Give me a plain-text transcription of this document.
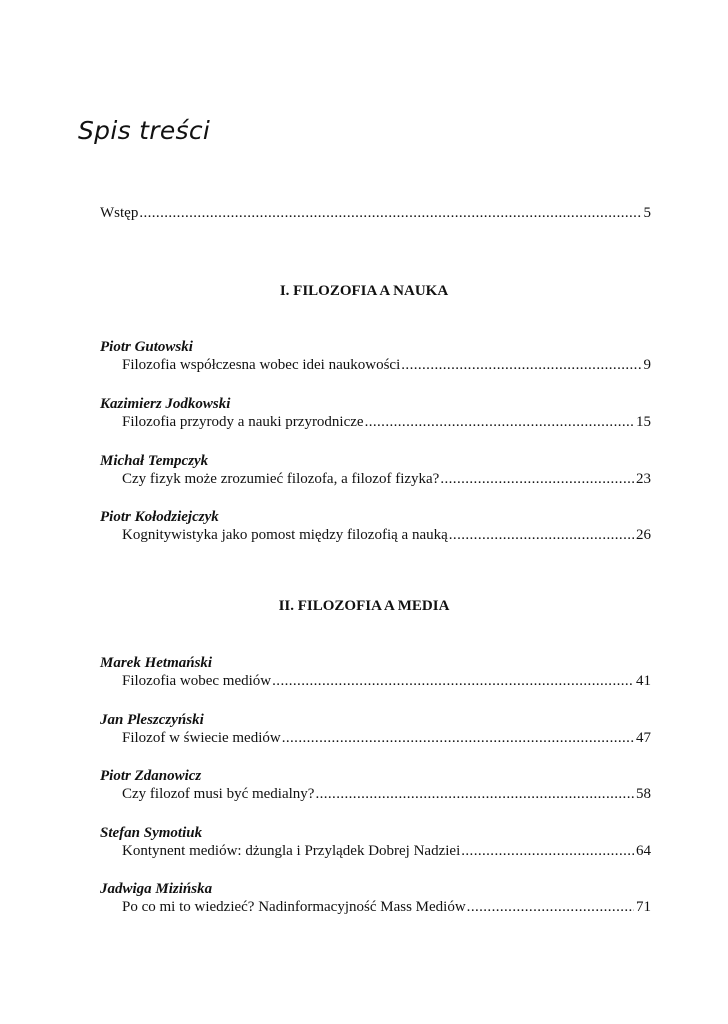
Spis treści
Wstęp .....	5
I. FILOZOFIA A NAUKA
Piotr Gutowski
Filozofia współczesna wobec idei naukowości .....	9
Kazimierz Jodkowski
Filozofia przyrody a nauki przyrodnicze .....	15
Michał Tempczyk
Czy fizyk może zrozumieć filozofa, a filozof fizyka? .....	23
Piotr Kołodziejczyk
Kognitywistyka jako pomost między filozofią a nauką .....	26
II. FILOZOFIA A MEDIA
Marek Hetmański
Filozofia wobec mediów .....	41
Jan Pleszczyński
Filozof w świecie mediów .....	47
Piotr Zdanowicz
Czy filozof musi być medialny? .....	58
Stefan Symotiuk
Kontynent mediów: dżungla i Przylądek Dobrej Nadziei .....	64
Jadwiga Mizińska
Po co mi to wiedzieć? Nadinformacyjność Mass Mediów .....	71
